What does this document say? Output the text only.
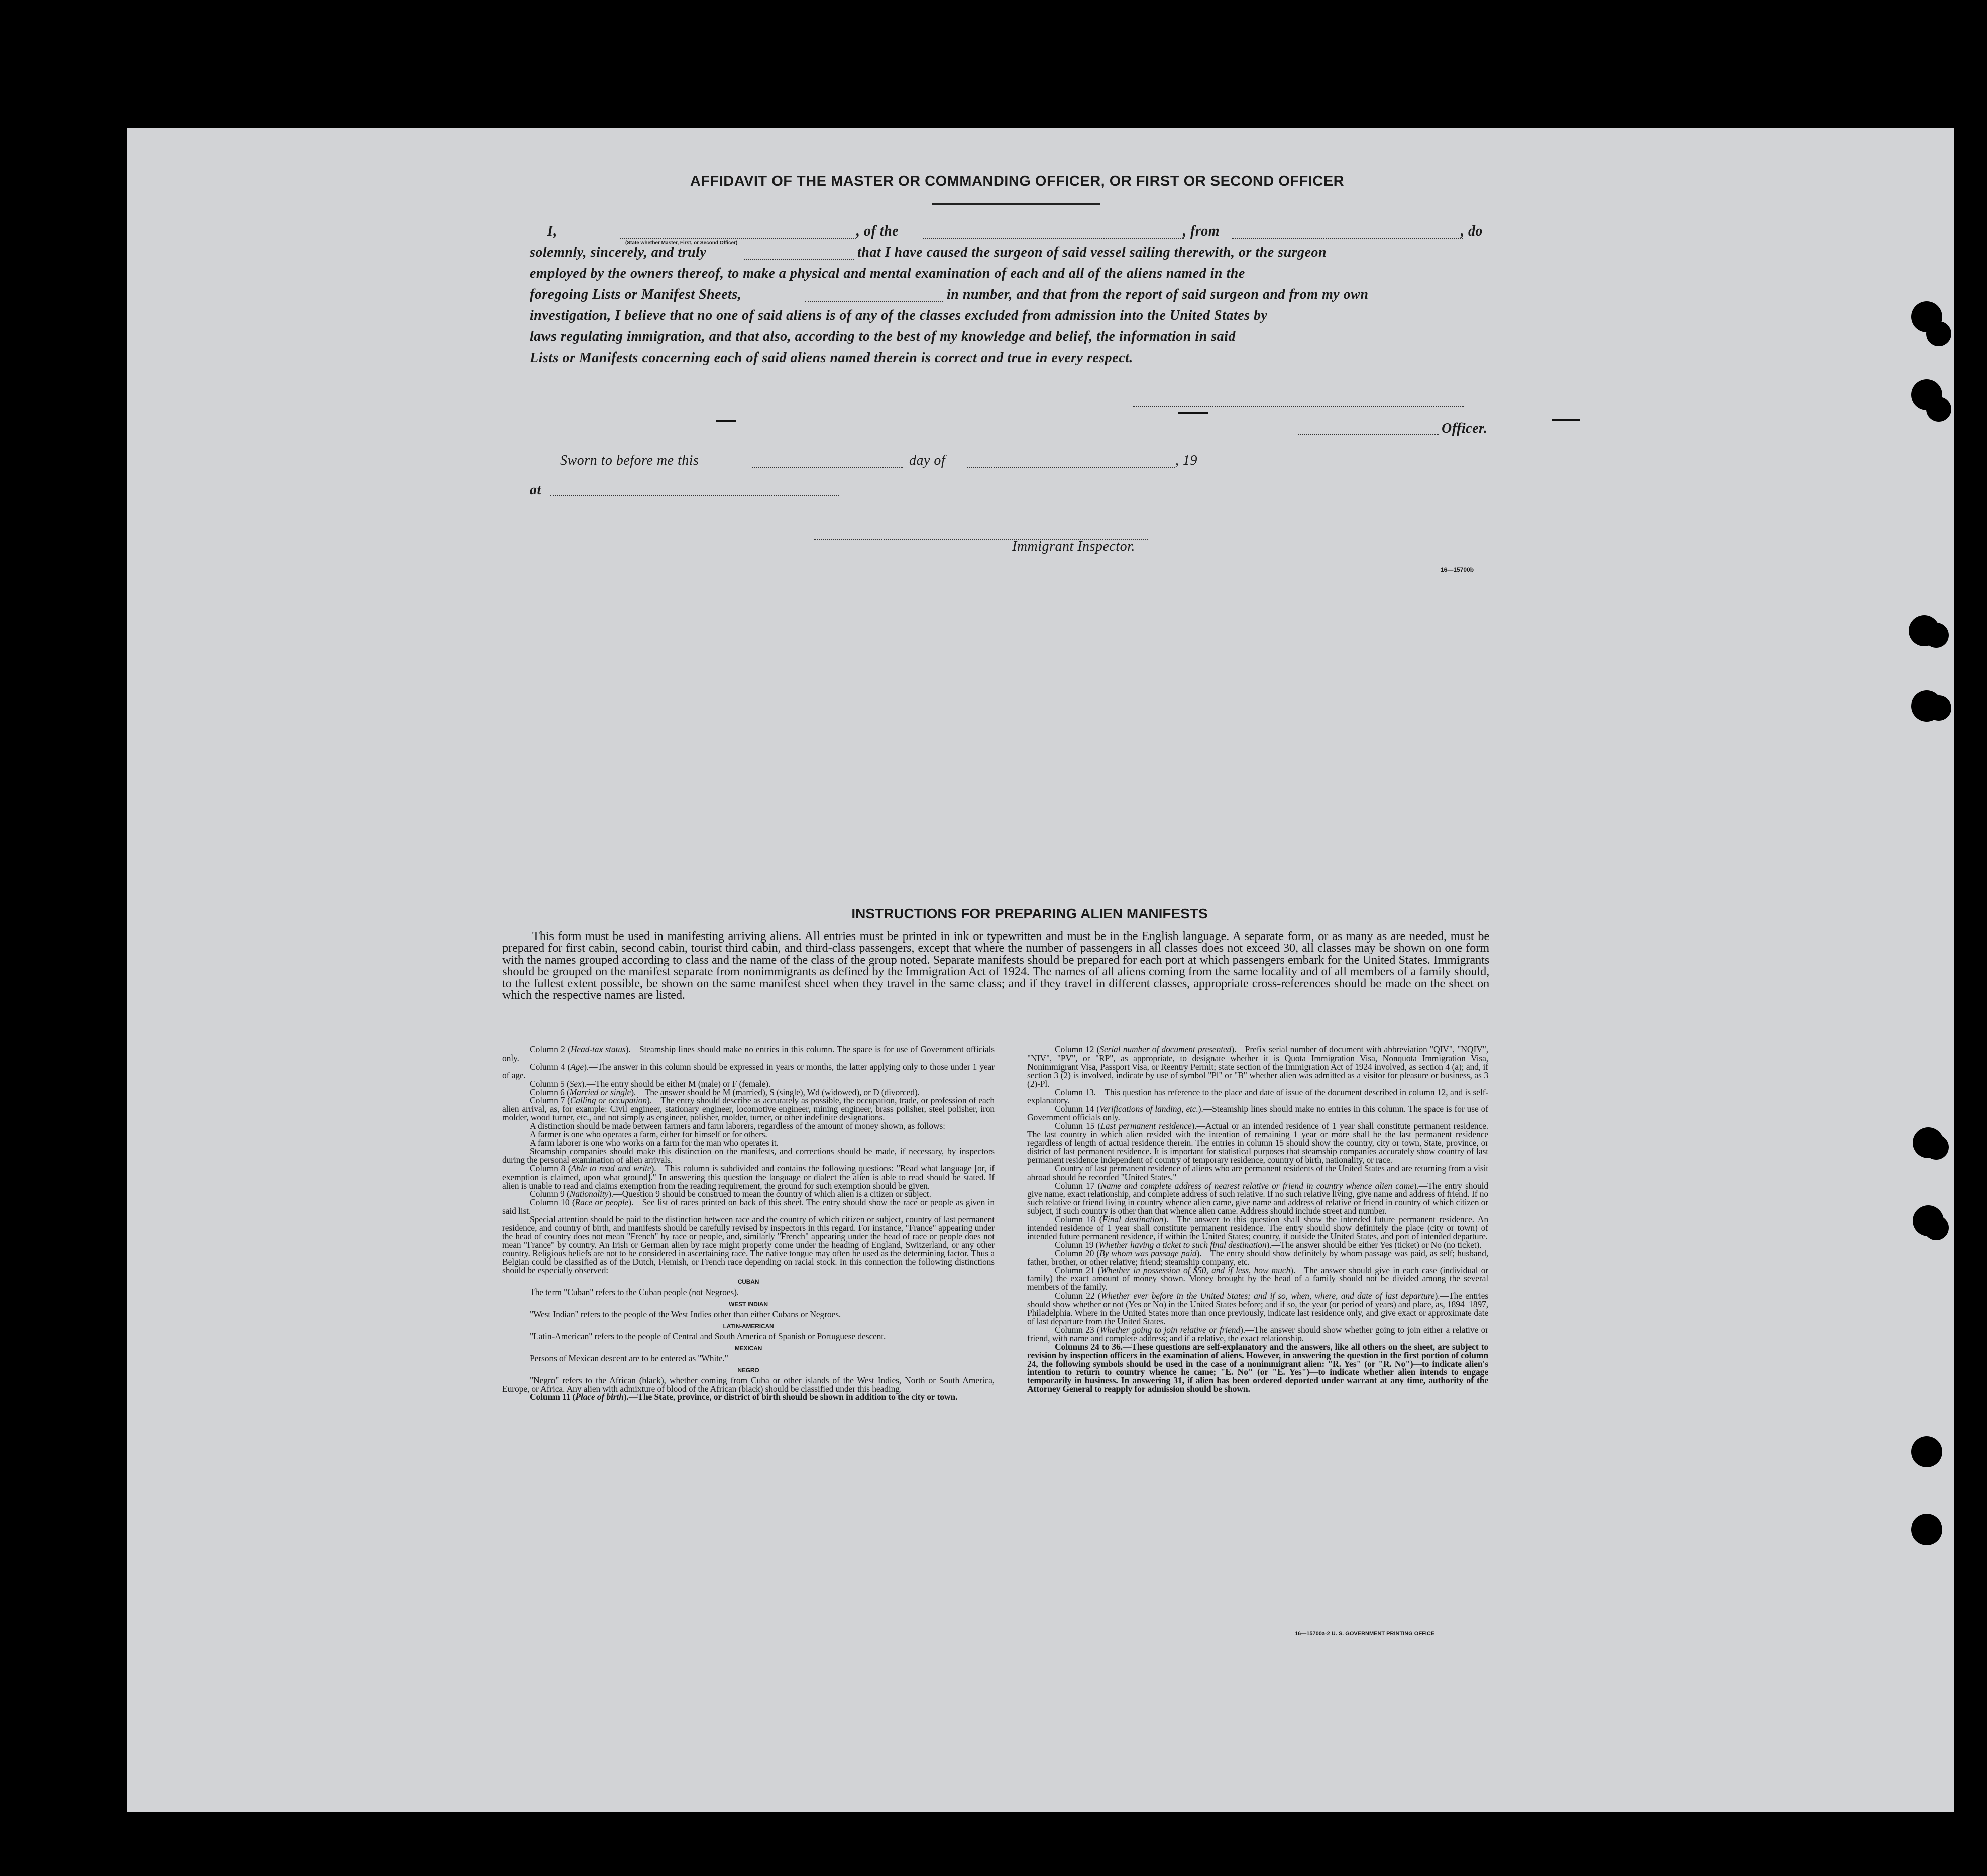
AFFIDAVIT OF THE MASTER OR COMMANDING OFFICER, OR FIRST OR SECOND OFFICER
I,
(State whether Master, First, or Second Officer)
, of the	, from	, do
solemnly, sincerely, and truly	that I have caused the surgeon of said vessel sailing therewith, or the surgeon
employed by the owners thereof, to make a physical and mental examination of each and all of the aliens named in the
foregoing Lists or Manifest Sheets,	in number, and that from the report of said surgeon and from my own
investigation, I believe that no one of said aliens is of any of the classes excluded from admission into the United States by
laws regulating immigration, and that also, according to the best of my knowledge and belief, the information in said
Lists or Manifests concerning each of said aliens named therein is correct and true in every respect.
Officer.
Sworn to before me this	day of	, 19
at
Immigrant Inspector.
16—15700b
INSTRUCTIONS FOR PREPARING ALIEN MANIFESTS
This form must be used in manifesting arriving aliens. All entries must be printed in ink or typewritten and must be in the English language. A separate form, or as many as are needed, must be prepared for first cabin, second cabin, tourist third cabin, and third-class passengers, except that where the number of passengers in all classes does not exceed 30, all classes may be shown on one form with the names grouped according to class and the name of the class of the group noted. Separate manifests should be prepared for each port at which passengers embark for the United States. Immigrants should be grouped on the manifest separate from nonimmigrants as defined by the Immigration Act of 1924. The names of all aliens coming from the same locality and of all members of a family should, to the fullest extent possible, be shown on the same manifest sheet when they travel in the same class; and if they travel in different classes, appropriate cross-references should be made on the sheet on which the respective names are listed.

Column 2 (Head-tax status).—Steamship lines should make no entries in this column. The space is for use of Government officials only.

Column 4 (Age).—The answer in this column should be expressed in years or months, the latter applying only to those under 1 year of age.

Column 5 (Sex).—The entry should be either M (male) or F (female).

Column 6 (Married or single).—The answer should be M (married), S (single), Wd (widowed), or D (divorced).

Column 7 (Calling or occupation).—The entry should describe as accurately as possible, the occupation, trade, or profession of each alien arrival, as, for example: Civil engineer, stationary engineer, locomotive engineer, mining engineer, brass polisher, steel polisher, iron molder, wood turner, etc., and not simply as engineer, polisher, molder, turner, or other indefinite designations.

A distinction should be made between farmers and farm laborers, regardless of the amount of money shown, as follows:

A farmer is one who operates a farm, either for himself or for others.

A farm laborer is one who works on a farm for the man who operates it.

Steamship companies should make this distinction on the manifests, and corrections should be made, if necessary, by inspectors during the personal examination of alien arrivals.

Column 8 (Able to read and write).—This column is subdivided and contains the following questions: "Read what language [or, if exemption is claimed, upon what ground]." In answering this question the language or dialect the alien is able to read should be stated. If alien is unable to read and claims exemption from the reading requirement, the ground for such exemption should be given.

Column 9 (Nationality).—Question 9 should be construed to mean the country of which alien is a citizen or subject.

Column 10 (Race or people).—See list of races printed on back of this sheet. The entry should show the race or people as given in said list.

Special attention should be paid to the distinction between race and the country of which citizen or subject, country of last permanent residence, and country of birth, and manifests should be carefully revised by inspectors in this regard. For instance, "France" appearing under the head of country does not mean "French" by race or people, and, similarly "French" appearing under the head of race or people does not mean "France" by country. An Irish or German alien by race might properly come under the heading of England, Switzerland, or any other country. Religious beliefs are not to be considered in ascertaining race. The native tongue may often be used as the determining factor. Thus a Belgian could be classified as of the Dutch, Flemish, or French race depending on racial stock. In this connection the following distinctions should be especially observed:

CUBAN

The term "Cuban" refers to the Cuban people (not Negroes).

WEST INDIAN

"West Indian" refers to the people of the West Indies other than either Cubans or Negroes.

LATIN-AMERICAN

"Latin-American" refers to the people of Central and South America of Spanish or Portuguese descent.

MEXICAN

Persons of Mexican descent are to be entered as "White."

NEGRO

"Negro" refers to the African (black), whether coming from Cuba or other islands of the West Indies, North or South America, Europe, or Africa. Any alien with admixture of blood of the African (black) should be classified under this heading.

Column 11 (Place of birth).—The State, province, or district of birth should be shown in addition to the city or town.

Column 12 (Serial number of document presented).—Prefix serial number of document with abbreviation "QIV", "NQIV", "NIV", "PV", or "RP", as appropriate, to designate whether it is Quota Immigration Visa, Nonquota Immigration Visa, Nonimmigrant Visa, Passport Visa, or Reentry Permit; state section of the Immigration Act of 1924 involved, as section 4 (a); and, if section 3 (2) is involved, indicate by use of symbol "Pl" or "B" whether alien was admitted as a visitor for pleasure or business, as 3 (2)-Pl.

Column 13.—This question has reference to the place and date of issue of the document described in column 12, and is self-explanatory.

Column 14 (Verifications of landing, etc.).—Steamship lines should make no entries in this column. The space is for use of Government officials only.

Column 15 (Last permanent residence).—Actual or an intended residence of 1 year shall constitute permanent residence. The last country in which alien resided with the intention of remaining 1 year or more shall be the last permanent residence regardless of length of actual residence therein. The entries in column 15 should show the country, city or town, State, province, or district of last permanent residence. It is important for statistical purposes that steamship companies accurately show country of last permanent residence independent of country of temporary residence, country of birth, nationality, or race.

Country of last permanent residence of aliens who are permanent residents of the United States and are returning from a visit abroad should be recorded "United States."

Column 17 (Name and complete address of nearest relative or friend in country whence alien came).—The entry should give name, exact relationship, and complete address of such relative. If no such relative living, give name and address of friend. If no such relative or friend living in country whence alien came, give name and address of relative or friend in country of which citizen or subject, if such country is other than that whence alien came. Address should include street and number.

Column 18 (Final destination).—The answer to this question shall show the intended future permanent residence. An intended residence of 1 year shall constitute permanent residence. The entry should show definitely the place (city or town) of intended future permanent residence, if within the United States; country, if outside the United States, and port of intended departure.

Column 19 (Whether having a ticket to such final destination).—The answer should be either Yes (ticket) or No (no ticket).

Column 20 (By whom was passage paid).—The entry should show definitely by whom passage was paid, as self; husband, father, brother, or other relative; friend; steamship company, etc.

Column 21 (Whether in possession of $50, and if less, how much).—The answer should give in each case (individual or family) the exact amount of money shown. Money brought by the head of a family should not be divided among the several members of the family.

Column 22 (Whether ever before in the United States; and if so, when, where, and date of last departure).—The entries should show whether or not (Yes or No) in the United States before; and if so, the year (or period of years) and place, as, 1894–1897, Philadelphia. Where in the United States more than once previously, indicate last residence only, and give exact or approximate date of last departure from the United States.

Column 23 (Whether going to join relative or friend).—The answer should show whether going to join either a relative or friend, with name and complete address; and if a relative, the exact relationship.

Columns 24 to 36.—These questions are self-explanatory and the answers, like all others on the sheet, are subject to revision by inspection officers in the examination of aliens. However, in answering the question in the first portion of column 24, the following symbols should be used in the case of a nonimmigrant alien: "R. Yes" (or "R. No")—to indicate alien's intention to return to country whence he came; "E. No" (or "E. Yes")—to indicate whether alien intends to engage temporarily in business. In answering 31, if alien has been ordered deported under warrant at any time, authority of the Attorney General to reapply for admission should be shown.

16—15700a-2 U. S. GOVERNMENT PRINTING OFFICE
